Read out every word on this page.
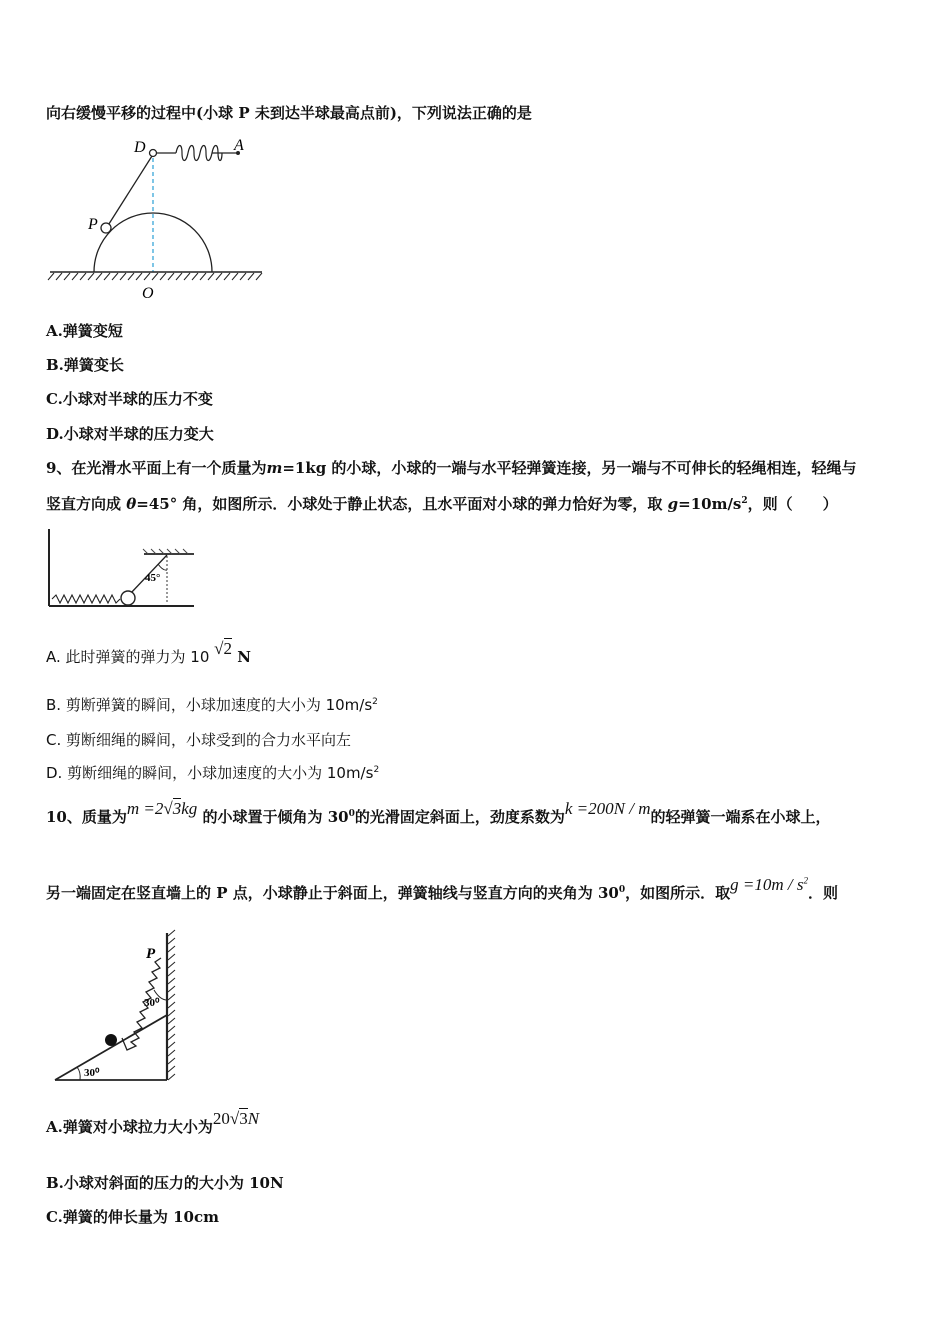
向右缓慢平移的过程中(小球 P 未到达半球最高点前)，下列说法正确的是
D	A
P
O
A.弹簧变短
B.弹簧变长
C.小球对半球的压力不变
D.小球对半球的压力变大
9、在光滑水平面上有一个质量为m=1kg 的小球，小球的一端与水平轻弹簧连接，另一端与不可伸长的轻绳相连，轻绳与
竖直方向成 θ=45° 角，如图所示．小球处于静止状态，且水平面对小球的弹力恰好为零，取 $g=10m/s^2$，则（　　）
45°
A. 此时弹簧的弹力为 10 √2 N
B. 剪断弹簧的瞬间，小球加速度的大小为 $10m/s^2$
C. 剪断细绳的瞬间，小球受到的合力水平向左
D. 剪断细绳的瞬间，小球加速度的大小为 $10m/s^2$
10、质量为m =2√3kg 的小球置于倾角为 $30^0$的光滑固定斜面上，劲度系数为k =200N / m的轻弹簧一端系在小球上，
另一端固定在竖直墙上的 P 点，小球静止于斜面上，弹簧轴线与竖直方向的夹角为 $30^0$，如图所示．取$g =10m / s^2$．则
30⁰
P
30⁰
A.弹簧对小球拉力大小为20√3N
B.小球对斜面的压力的大小为 10N
C.弹簧的伸长量为 10cm
